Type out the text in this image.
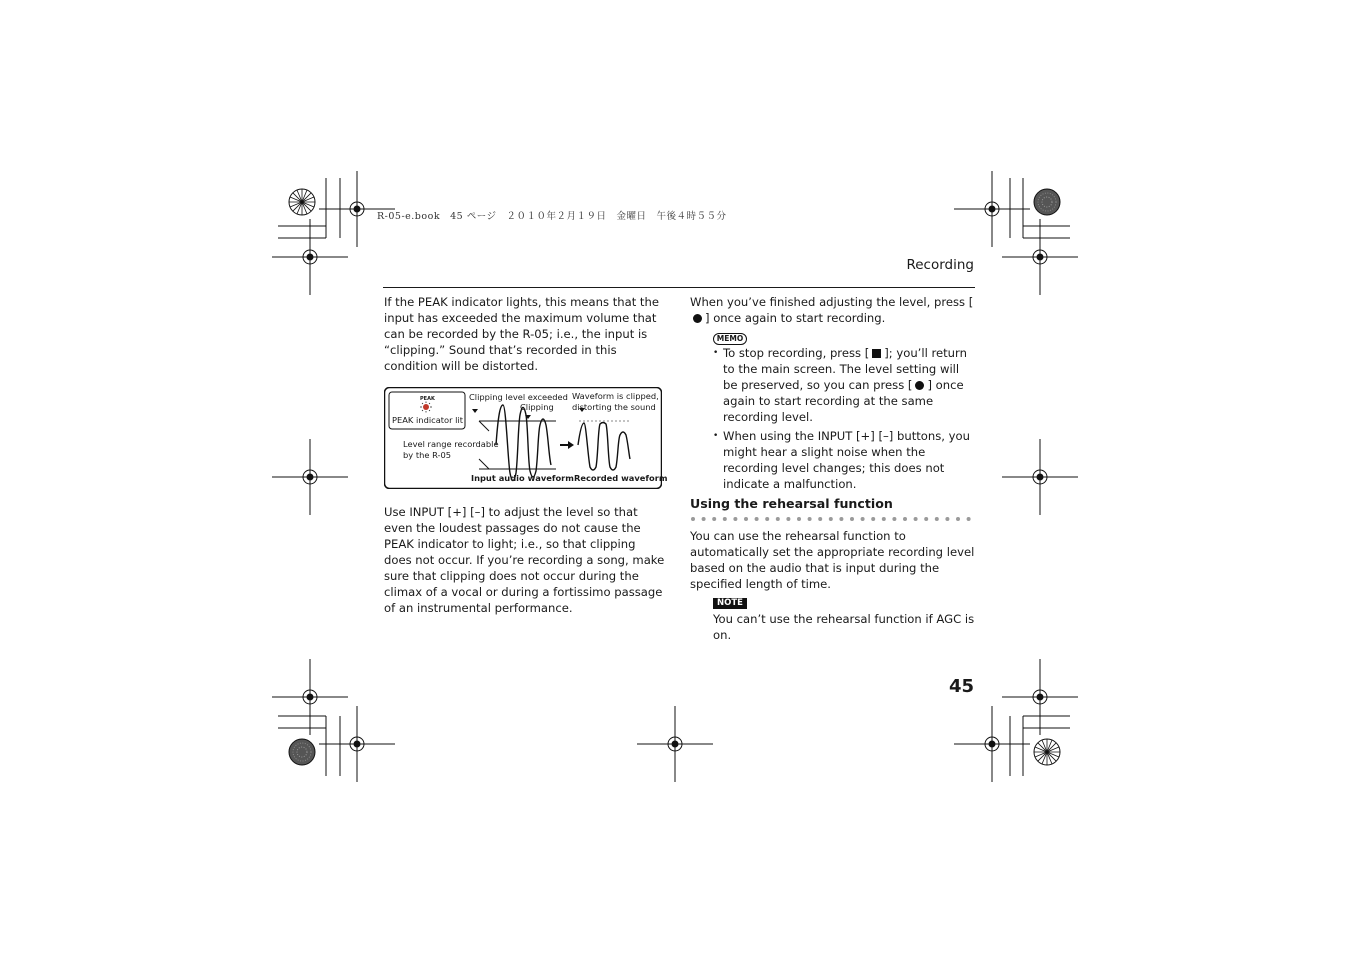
R-05-e.book　45 ページ　２０１０年２月１９日　金曜日　午後４時５５分
Recording
If the PEAK indicator lights, this means that the input has exceeded the maximum volume that can be recorded by the R-05; i.e., the input is “clipping.” Sound that’s recorded in this condition will be distorted.
PEAK
PEAK indicator lit
Clipping level exceeded
Clipping
Waveform is clipped,
distorting the sound
Level range recordable
by the R-05
Input audio waveform Recorded waveform
Use INPUT [+] [–] to adjust the level so that even the loudest passages do not cause the PEAK indicator to light; i.e., so that clipping does not occur. If you’re recording a song, make sure that clipping does not occur during the climax of a vocal or during a fortissimo passage of an instrumental performance.
When you’ve finished adjusting the level, press [] once again to start recording.
MEMO
• To stop recording, press [ ]; you’ll return to the main screen. The level setting will be preserved, so you can press [ ] once again to start recording at the same recording level.
• When using the INPUT [+] [–] buttons, you might hear a slight noise when the recording level changes; this does not indicate a malfunction.
Using the rehearsal function
You can use the rehearsal function to automatically set the appropriate recording level based on the audio that is input during the specified length of time.
NOTE
You can’t use the rehearsal function if AGC is on.
45
